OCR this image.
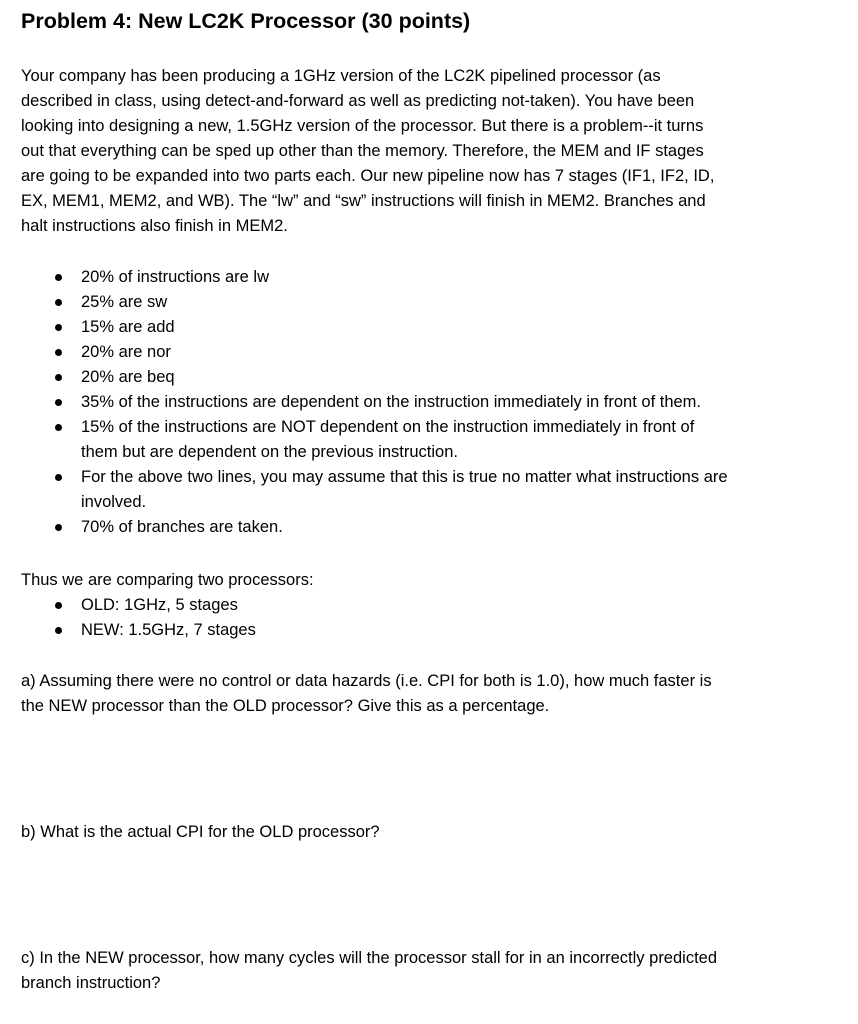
Problem 4: New LC2K Processor (30 points)

Your company has been producing a 1GHz version of the LC2K pipelined processor (as
described in class, using detect-and-forward as well as predicting not-taken). You have been
looking into designing a new, 1.5GHz version of the processor. But there is a problem--it turns
out that everything can be sped up other than the memory. Therefore, the MEM and IF stages
are going to be expanded into two parts each. Our new pipeline now has 7 stages (IF1, IF2, ID,
EX, MEM1, MEM2, and WB). The “lw” and “sw” instructions will finish in MEM2. Branches and
halt instructions also finish in MEM2.

20% of instructions are lw
25% are sw
15% are add
20% are nor
20% are beq
35% of the instructions are dependent on the instruction immediately in front of them.
15% of the instructions are NOT dependent on the instruction immediately in front of
them but are dependent on the previous instruction.
For the above two lines, you may assume that this is true no matter what instructions are
involved.
70% of branches are taken.

Thus we are comparing two processors:

OLD: 1GHz, 5 stages
NEW: 1.5GHz, 7 stages

a) Assuming there were no control or data hazards (i.e. CPI for both is 1.0), how much faster is
the NEW processor than the OLD processor? Give this as a percentage.

b) What is the actual CPI for the OLD processor?

c) In the NEW processor, how many cycles will the processor stall for in an incorrectly predicted
branch instruction?
